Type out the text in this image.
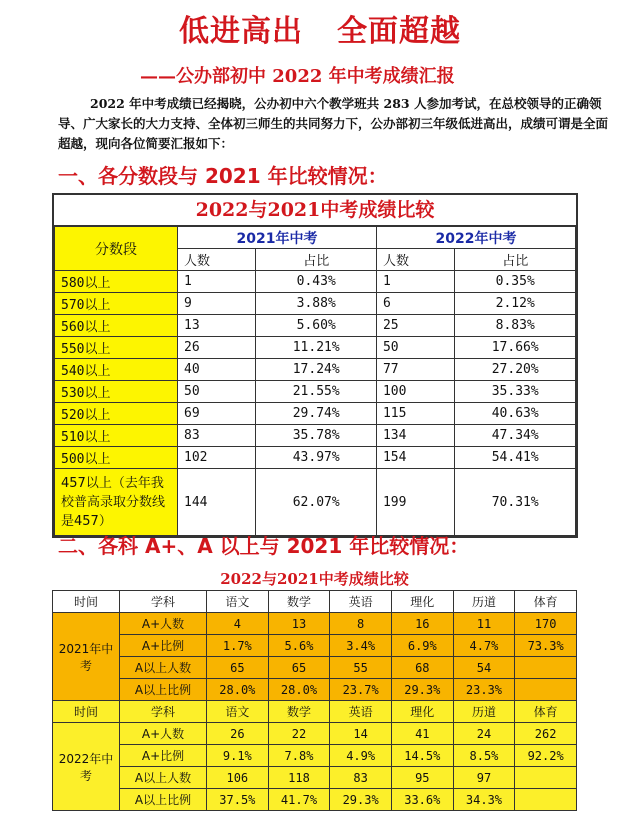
低进高出 全面超越
——公办部初中 2022 年中考成绩汇报
2022 年中考成绩已经揭晓，公办初中六个教学班共 283 人参加考试，在总校领导的正确领导、广大家长的大力支持、全体初三师生的共同努力下，公办部初三年级低进高出，成绩可谓是全面超越，现向各位简要汇报如下：
一、各分数段与 2021 年比较情况：
2022与2021中考成绩比较
分数段	2021年中考		2022年中考	
	人数	占比	人数	占比
580以上	1	0.43%	1	0.35%
570以上	9	3.88%	6	2.12%
560以上	13	5.60%	25	8.83%
550以上	26	11.21%	50	17.66%
540以上	40	17.24%	77	27.20%
530以上	50	21.55%	100	35.33%
520以上	69	29.74%	115	40.63%
510以上	83	35.78%	134	47.34%
500以上	102	43.97%	154	54.41%
457以上（去年我校普高录取分数线是457）	144	62.07%	199	70.31%
二、各科 A+、A 以上与 2021 年比较情况：
2022与2021中考成绩比较
时间	学科	语文	数学	英语	理化	历道	体育
2021年中考	A+人数	4	13	8	16	11	170
	A+比例	1.7%	5.6%	3.4%	6.9%	4.7%	73.3%
	A以上人数	65	65	55	68	54	
	A以上比例	28.0%	28.0%	23.7%	29.3%	23.3%	
时间	学科	语文	数学	英语	理化	历道	体育
2022年中考	A+人数	26	22	14	41	24	262
	A+比例	9.1%	7.8%	4.9%	14.5%	8.5%	92.2%
	A以上人数	106	118	83	95	97	
	A以上比例	37.5%	41.7%	29.3%	33.6%	34.3%	
